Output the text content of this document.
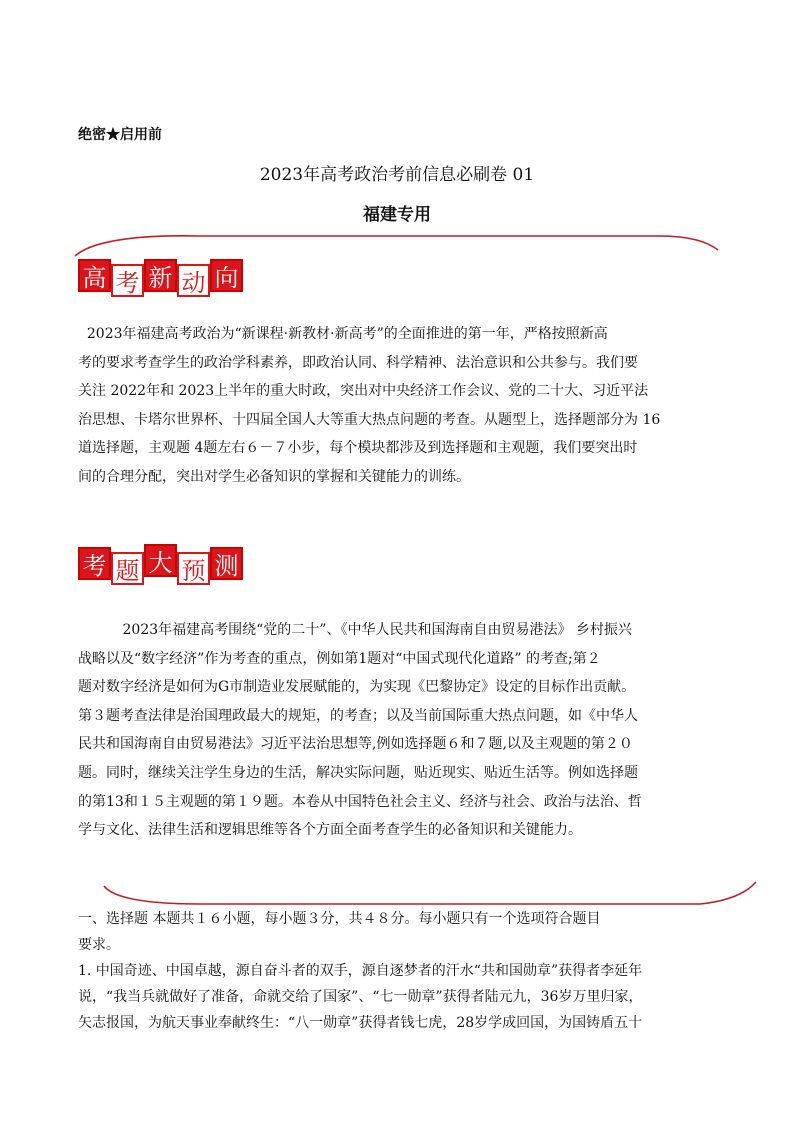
绝密★启用前
2023年高考政治考前信息必刷卷 01
福建专用
高 考 新 动 向

2023年福建高考政治为“新课程·新教材·新高考”的全面推进的第一年，严格按照新高

考的要求考查学生的政治学科素养，即政治认同、科学精神、法治意识和公共参与。我们要

关注 2022年和 2023上半年的重大时政，突出对中央经济工作会议、党的二十大、习近平法

治思想、卡塔尔世界杯、十四届全国人大等重大热点问题的考查。从题型上，选择题部分为 16

道选择题，主观题 4题左右６－７小步，每个模块都涉及到选择题和主观题，我们要突出时

间的合理分配，突出对学生必备知识的掌握和关键能力的训练。

考 题 大 预 测

2023年福建高考围绕“党的二十”、《中华人民共和国海南自由贸易港法》 乡村振兴

战略以及“数字经济”作为考查的重点，例如第1题对“中国式现代化道路” 的考查;第２

题对数字经济是如何为G市制造业发展赋能的，为实现《巴黎协定》设定的目标作出贡献。

第３题考查法律是治国理政最大的规矩，的考查；以及当前国际重大热点问题，如《中华人

民共和国海南自由贸易港法》习近平法治思想等,例如选择题６和７题,以及主观题的第２０

题。同时，继续关注学生身边的生活，解决实际问题，贴近现实、贴近生活等。例如选择题

的第13和１５主观题的第１９题。本卷从中国特色社会主义、经济与社会、政治与法治、哲

学与文化、法律生活和逻辑思维等各个方面全面考查学生的必备知识和关键能力。

一、选择题 本题共１６小题，每小题３分，共４８分。每小题只有一个选项符合题目

要求。

1. 中国奇迹、中国卓越，源自奋斗者的双手，源自逐梦者的汗水“共和国勋章”获得者李延年

说，“我当兵就做好了准备，命就交给了国家”、“七一勋章”获得者陆元九，36岁万里归家，

矢志报国，为航天事业奉献终生：“八一勋章”获得者钱七虎，28岁学成回国，为国铸盾五十
